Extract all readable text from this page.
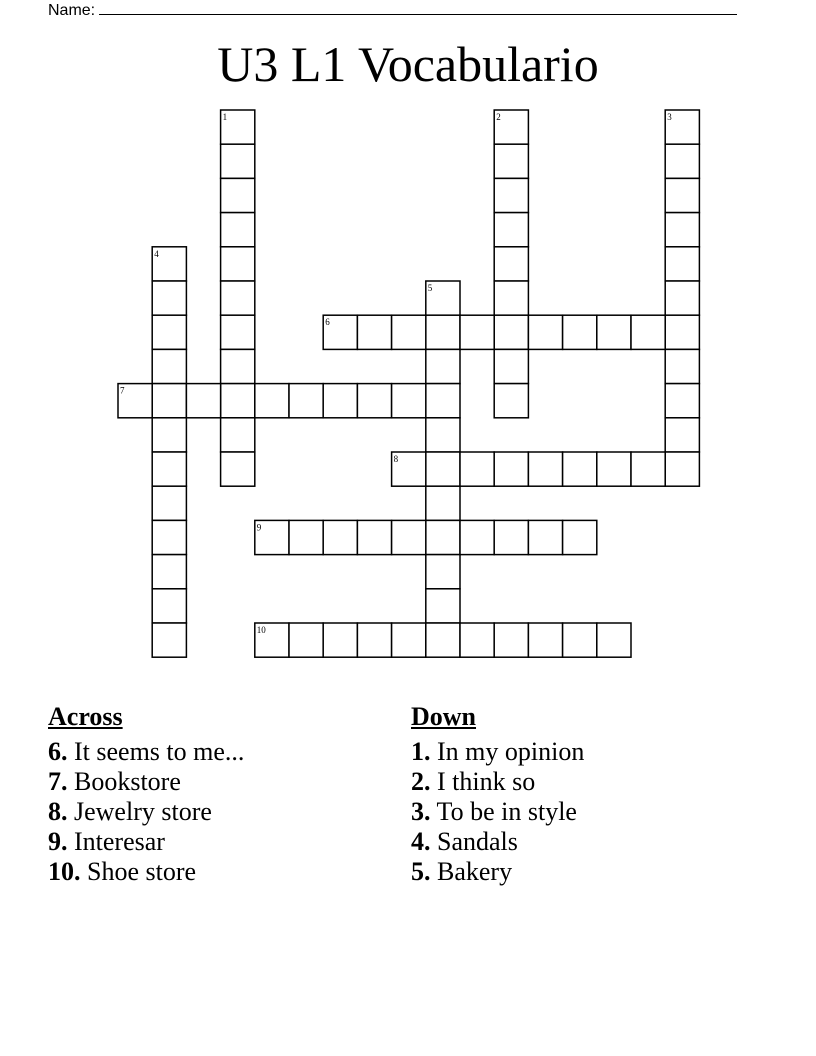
Name:
U3 L1 Vocabulario
1	2	3
4
5
6
7
8
9
10
Across
6. It seems to me...
7. Bookstore
8. Jewelry store
9. Interesar
10. Shoe store
Down
1. In my opinion
2. I think so
3. To be in style
4. Sandals
5. Bakery
